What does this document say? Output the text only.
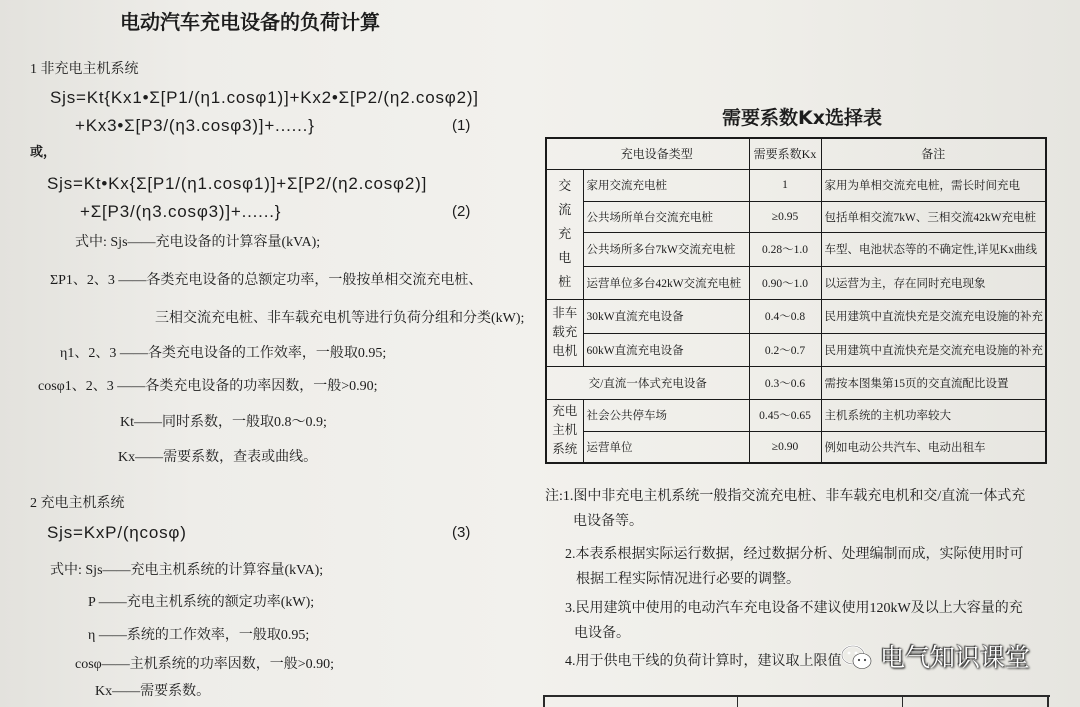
电动汽车充电设备的负荷计算
1 非充电主机系统
Sjs=Kt{Kx1•Σ[P1/(η1.cosφ1)]+Kx2•Σ[P2/(η2.cosφ2)]
+Kx3•Σ[P3/(η3.cosφ3)]+......}	(1)
或，
Sjs=Kt•Kx{Σ[P1/(η1.cosφ1)]+Σ[P2/(η2.cosφ2)]
+Σ[P3/(η3.cosφ3)]+......}	(2)
式中: Sjs——充电设备的计算容量(kVA);
ΣP1、2、3 ——各类充电设备的总额定功率，一般按单相交流充电桩、
三相交流充电桩、非车载充电机等进行负荷分组和分类(kW);
η1、2、3 ——各类充电设备的工作效率，一般取0.95;
cosφ1、2、3 ——各类充电设备的功率因数，一般>0.90;
Kt——同时系数，一般取0.8～0.9;
Kx——需要系数，查表或曲线。
2 充电主机系统
Sjs=KxP/(ηcosφ)	(3)
式中: Sjs——充电主机系统的计算容量(kVA);
P ——充电主机系统的额定功率(kW);
η ——系统的工作效率，一般取0.95;
cosφ——主机系统的功率因数，一般>0.90;
Kx——需要系数。
需要系数Kx选择表
充电设备类型		需要系数Kx	备注
交流充电桩	家用交流充电桩	1	家用为单相交流充电桩，需长时间充电
	公共场所单台交流充电桩	≥0.95	包括单相交流7kW、三相交流42kW充电桩
	公共场所多台7kW交流充电桩	0.28～1.0	车型、电池状态等的不确定性,详见Kx曲线
	运营单位多台42kW交流充电桩	0.90～1.0	以运营为主，存在同时充电现象
非车载充电机	30kW直流充电设备	0.4～0.8	民用建筑中直流快充是交流充电设施的补充
	60kW直流充电设备	0.2～0.7	民用建筑中直流快充是交流充电设施的补充
交/直流一体式充电设备		0.3～0.6	需按本图集第15页的交直流配比设置
充电主机系统	社会公共停车场	0.45～0.65	主机系统的主机功率较大
	运营单位	≥0.90	例如电动公共汽车、电动出租车
注:1.图中非充电主机系统一般指交流充电桩、非车载充电机和交/直流一体式充
电设备等。
2.本表系根据实际运行数据，经过数据分析、处理编制而成，实际使用时可
根据工程实际情况进行必要的调整。
3.民用建筑中使用的电动汽车充电设备不建议使用120kW及以上大容量的充
电设备。
4.用于供电干线的负荷计算时，建议取上限值 电气知识课堂
